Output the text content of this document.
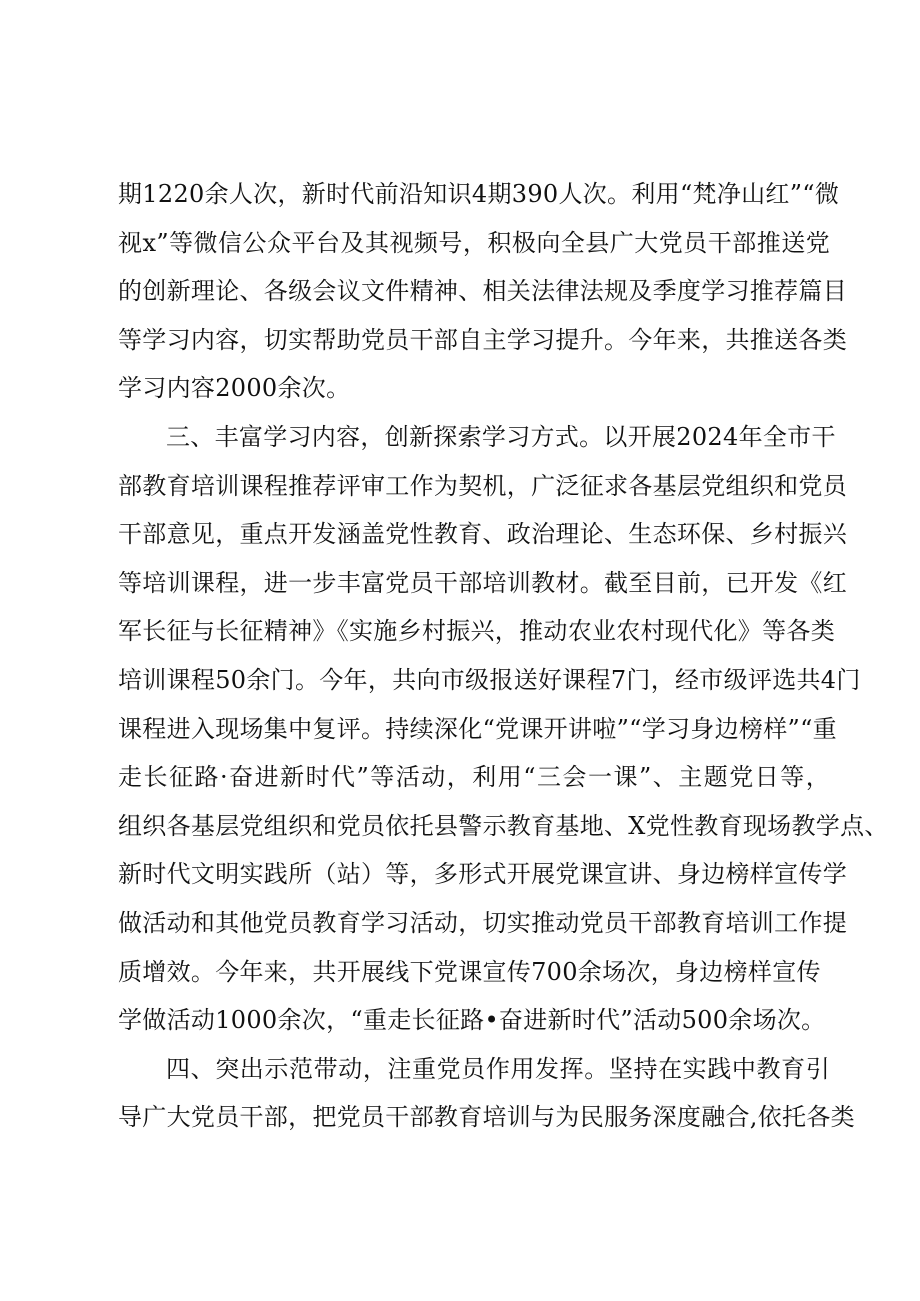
期1220余人次，新时代前沿知识4期390人次。利用“梵净山红”“微
视x”等微信公众平台及其视频号，积极向全县广大党员干部推送党
的创新理论、各级会议文件精神、相关法律法规及季度学习推荐篇目
等学习内容，切实帮助党员干部自主学习提升。今年来，共推送各类
学习内容2000余次。
三、丰富学习内容，创新探索学习方式。以开展2024年全市干
部教育培训课程推荐评审工作为契机，广泛征求各基层党组织和党员
干部意见，重点开发涵盖党性教育、政治理论、生态环保、乡村振兴
等培训课程，进一步丰富党员干部培训教材。截至目前，已开发《红
军长征与长征精神》《实施乡村振兴，推动农业农村现代化》等各类
培训课程50余门。今年，共向市级报送好课程7门，经市级评选共4门
课程进入现场集中复评。持续深化“党课开讲啦”“学习身边榜样”“重
走长征路·奋进新时代”等活动，利用“三会一课”、主题党日等，
组织各基层党组织和党员依托县警示教育基地、X党性教育现场教学点、
新时代文明实践所（站）等，多形式开展党课宣讲、身边榜样宣传学
做活动和其他党员教育学习活动，切实推动党员干部教育培训工作提
质增效。今年来，共开展线下党课宣传700余场次，身边榜样宣传
学做活动1000余次，“重走长征路•奋进新时代”活动500余场次。
四、突出示范带动，注重党员作用发挥。坚持在实践中教育引
导广大党员干部，把党员干部教育培训与为民服务深度融合,依托各类
